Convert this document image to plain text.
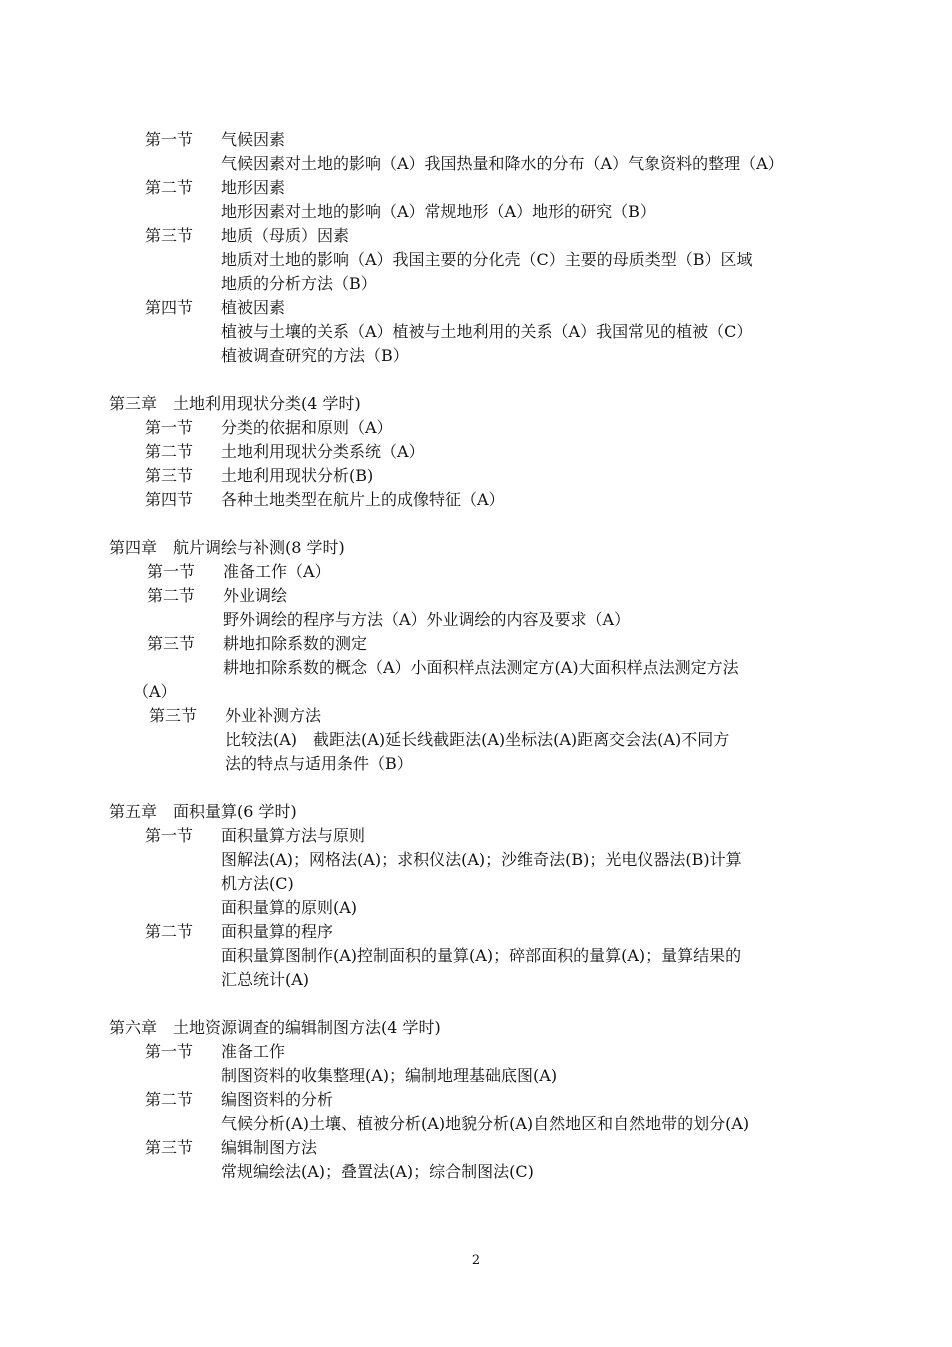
第一节 气候因素
气候因素对土地的影响（A）我国热量和降水的分布（A）气象资料的整理（A）
第二节 地形因素
地形因素对土地的影响（A）常规地形（A）地形的研究（B）
第三节 地质（母质）因素
地质对土地的影响（A）我国主要的分化壳（C）主要的母质类型（B）区域
地质的分析方法（B）
第四节 植被因素
植被与土壤的关系（A）植被与土地利用的关系（A）我国常见的植被（C）
植被调查研究的方法（B）
第三章　土地利用现状分类(4 学时)
第一节 分类的依据和原则（A）
第二节 土地利用现状分类系统（A）
第三节 土地利用现状分析(B)
第四节 各种土地类型在航片上的成像特征（A）
第四章　航片调绘与补测(8 学时)
第一节 准备工作（A）
第二节 外业调绘
野外调绘的程序与方法（A）外业调绘的内容及要求（A）
第三节 耕地扣除系数的测定
耕地扣除系数的概念（A）小面积样点法测定方(A)大面积样点法测定方法
（A）
第三节 外业补测方法
比较法(A)　截距法(A)延长线截距法(A)坐标法(A)距离交会法(A)不同方
法的特点与适用条件（B）
第五章　面积量算(6 学时)
第一节 面积量算方法与原则
图解法(A)；网格法(A)；求积仪法(A)；沙维奇法(B)；光电仪器法(B)计算
机方法(C)
面积量算的原则(A)
第二节 面积量算的程序
面积量算图制作(A)控制面积的量算(A)；碎部面积的量算(A)；量算结果的
汇总统计(A)
第六章　土地资源调查的编辑制图方法(4 学时)
第一节 准备工作
制图资料的收集整理(A)；编制地理基础底图(A)
第二节 编图资料的分析
气候分析(A)土壤、植被分析(A)地貌分析(A)自然地区和自然地带的划分(A)
第三节 编辑制图方法
常规编绘法(A)；叠置法(A)；综合制图法(C)
2
